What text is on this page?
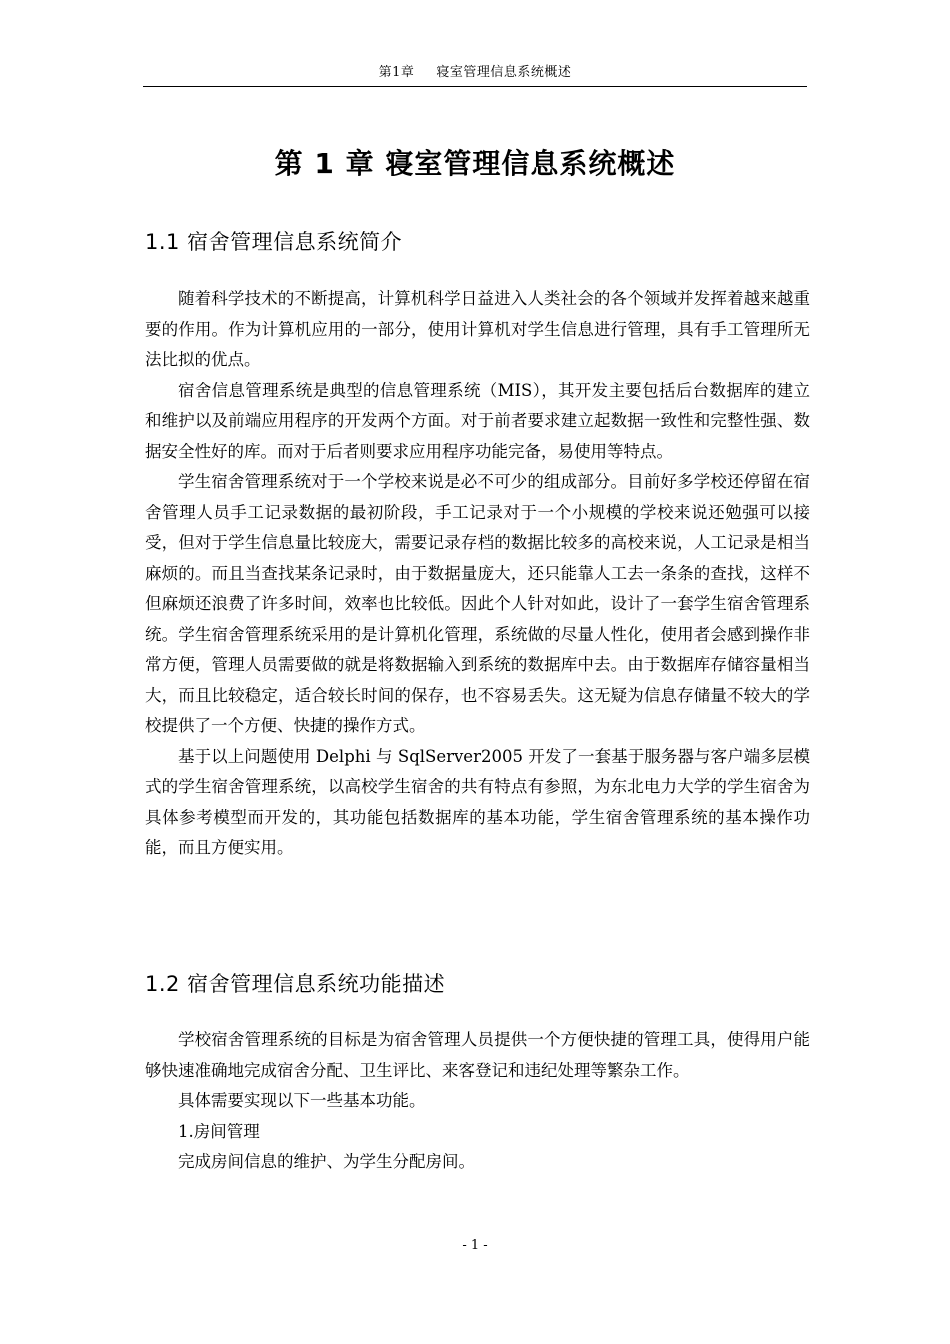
第1章 寝室管理信息系统概述
第 1 章 寝室管理信息系统概述
1.1 宿舍管理信息系统简介

随着科学技术的不断提高，计算机科学日益进入人类社会的各个领域并发挥着越来越重要的作用。作为计算机应用的一部分，使用计算机对学生信息进行管理，具有手工管理所无法比拟的优点。

宿舍信息管理系统是典型的信息管理系统（MIS），其开发主要包括后台数据库的建立和维护以及前端应用程序的开发两个方面。对于前者要求建立起数据一致性和完整性强、数据安全性好的库。而对于后者则要求应用程序功能完备，易使用等特点。

学生宿舍管理系统对于一个学校来说是必不可少的组成部分。目前好多学校还停留在宿舍管理人员手工记录数据的最初阶段，手工记录对于一个小规模的学校来说还勉强可以接受，但对于学生信息量比较庞大，需要记录存档的数据比较多的高校来说，人工记录是相当麻烦的。而且当查找某条记录时，由于数据量庞大，还只能靠人工去一条条的查找，这样不但麻烦还浪费了许多时间，效率也比较低。因此个人针对如此，设计了一套学生宿舍管理系统。学生宿舍管理系统采用的是计算机化管理，系统做的尽量人性化，使用者会感到操作非常方便，管理人员需要做的就是将数据输入到系统的数据库中去。由于数据库存储容量相当大，而且比较稳定，适合较长时间的保存，也不容易丢失。这无疑为信息存储量不较大的学校提供了一个方便、快捷的操作方式。

基于以上问题使用 Delphi 与 SqlServer2005 开发了一套基于服务器与客户端多层模式的学生宿舍管理系统，以高校学生宿舍的共有特点有参照，为东北电力大学的学生宿舍为具体参考模型而开发的，其功能包括数据库的基本功能，学生宿舍管理系统的基本操作功能，而且方便实用。

1.2 宿舍管理信息系统功能描述

学校宿舍管理系统的目标是为宿舍管理人员提供一个方便快捷的管理工具，使得用户能够快速准确地完成宿舍分配、卫生评比、来客登记和违纪处理等繁杂工作。

具体需要实现以下一些基本功能。

1.房间管理

完成房间信息的维护、为学生分配房间。

- 1 -
